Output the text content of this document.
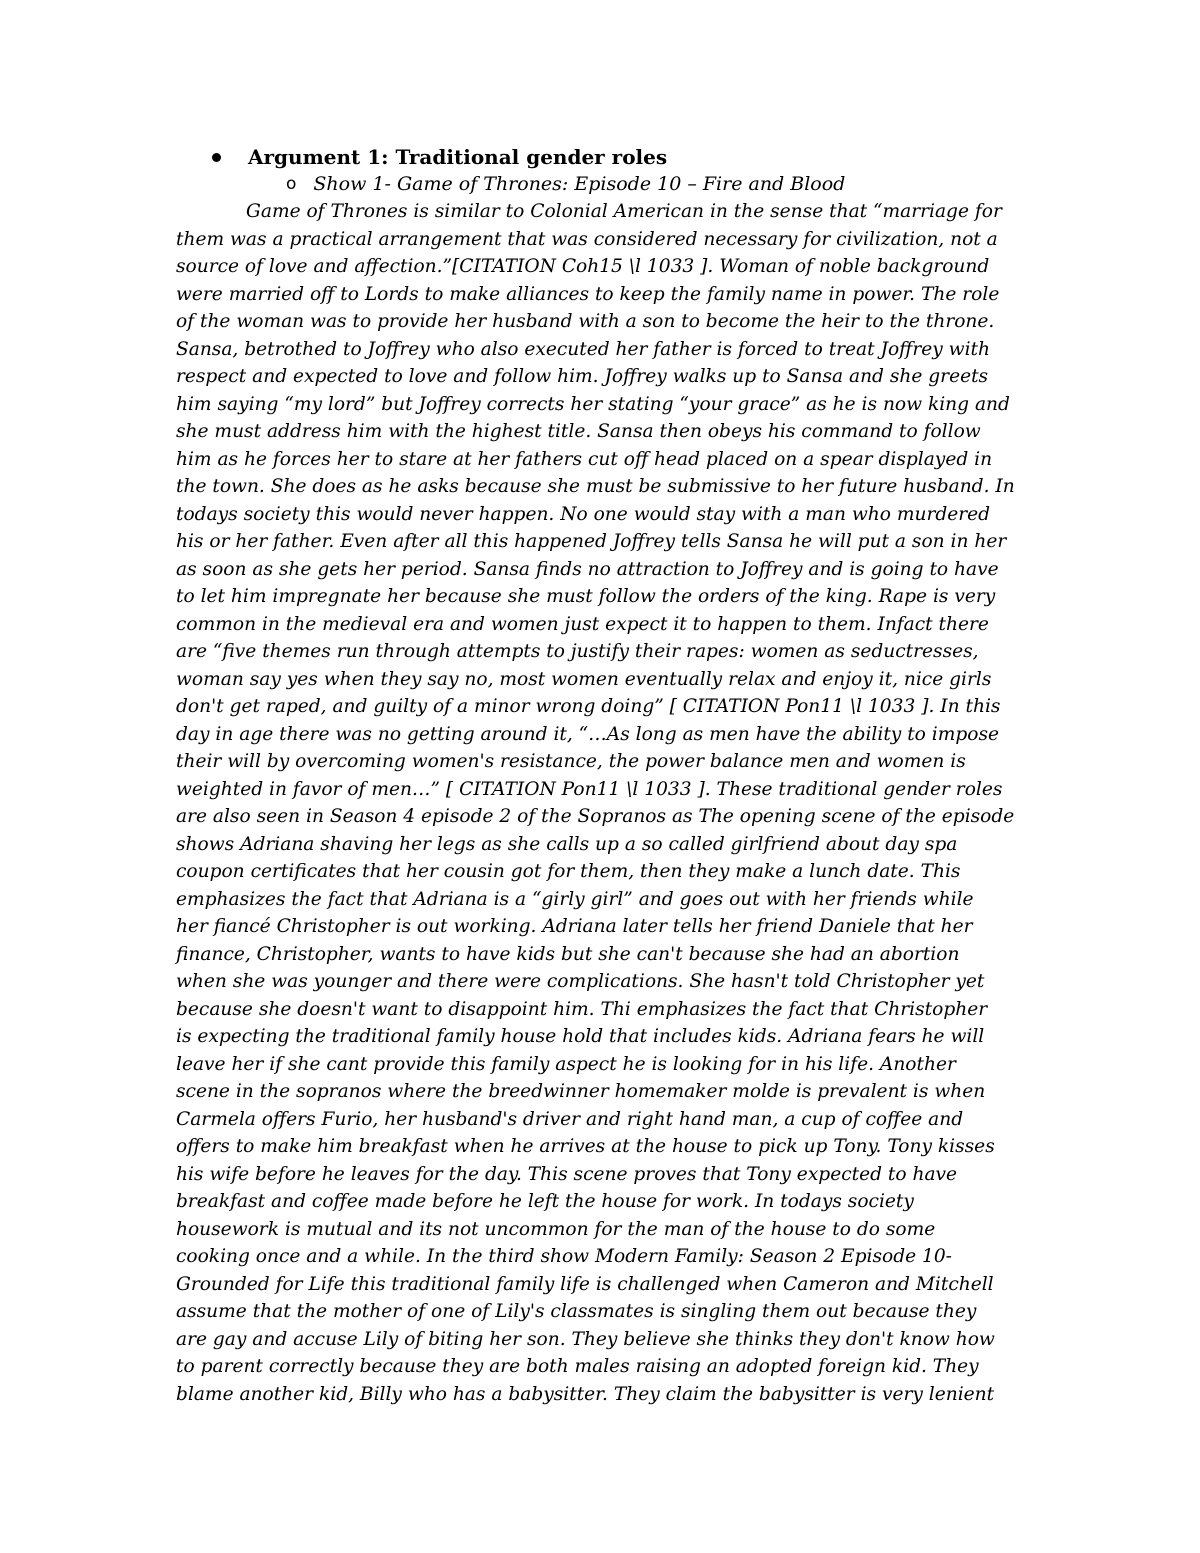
Argument 1: Traditional gender roles
o Show 1- Game of Thrones: Episode 10 – Fire and Blood
Game of Thrones is similar to Colonial American in the sense that “marriage for
them was a practical arrangement that was considered necessary for civilization, not a
source of love and affection.”[CITATION Coh15 \l 1033 ]. Woman of noble background
were married off to Lords to make alliances to keep the family name in power. The role
of the woman was to provide her husband with a son to become the heir to the throne.
Sansa, betrothed to Joffrey who also executed her father is forced to treat Joffrey with
respect and expected to love and follow him. Joffrey walks up to Sansa and she greets
him saying “my lord” but Joffrey corrects her stating “your grace” as he is now king and
she must address him with the highest title. Sansa then obeys his command to follow
him as he forces her to stare at her fathers cut off head placed on a spear displayed in
the town. She does as he asks because she must be submissive to her future husband. In
todays society this would never happen. No one would stay with a man who murdered
his or her father. Even after all this happened Joffrey tells Sansa he will put a son in her
as soon as she gets her period. Sansa finds no attraction to Joffrey and is going to have
to let him impregnate her because she must follow the orders of the king. Rape is very
common in the medieval era and women just expect it to happen to them. Infact there
are “five themes run through attempts to justify their rapes: women as seductresses,
woman say yes when they say no, most women eventually relax and enjoy it, nice girls
don't get raped, and guilty of a minor wrong doing” [ CITATION Pon11 \l 1033 ]. In this
day in age there was no getting around it, “…As long as men have the ability to impose
their will by overcoming women's resistance, the power balance men and women is
weighted in favor of men…” [ CITATION Pon11 \l 1033 ]. These traditional gender roles
are also seen in Season 4 episode 2 of the Sopranos as The opening scene of the episode
shows Adriana shaving her legs as she calls up a so called girlfriend about day spa
coupon certificates that her cousin got for them, then they make a lunch date. This
emphasizes the fact that Adriana is a “girly girl” and goes out with her friends while
her fiancé Christopher is out working. Adriana later tells her friend Daniele that her
finance, Christopher, wants to have kids but she can't because she had an abortion
when she was younger and there were complications. She hasn't told Christopher yet
because she doesn't want to disappoint him. Thi emphasizes the fact that Christopher
is expecting the traditional family house hold that includes kids. Adriana fears he will
leave her if she cant provide this family aspect he is looking for in his life. Another
scene in the sopranos where the breedwinner homemaker molde is prevalent is when
Carmela offers Furio, her husband's driver and right hand man, a cup of coffee and
offers to make him breakfast when he arrives at the house to pick up Tony. Tony kisses
his wife before he leaves for the day. This scene proves that Tony expected to have
breakfast and coffee made before he left the house for work. In todays society
housework is mutual and its not uncommon for the man of the house to do some
cooking once and a while. In the third show Modern Family: Season 2 Episode 10-
Grounded for Life this traditional family life is challenged when Cameron and Mitchell
assume that the mother of one of Lily's classmates is singling them out because they
are gay and accuse Lily of biting her son. They believe she thinks they don't know how
to parent correctly because they are both males raising an adopted foreign kid. They
blame another kid, Billy who has a babysitter. They claim the babysitter is very lenient
